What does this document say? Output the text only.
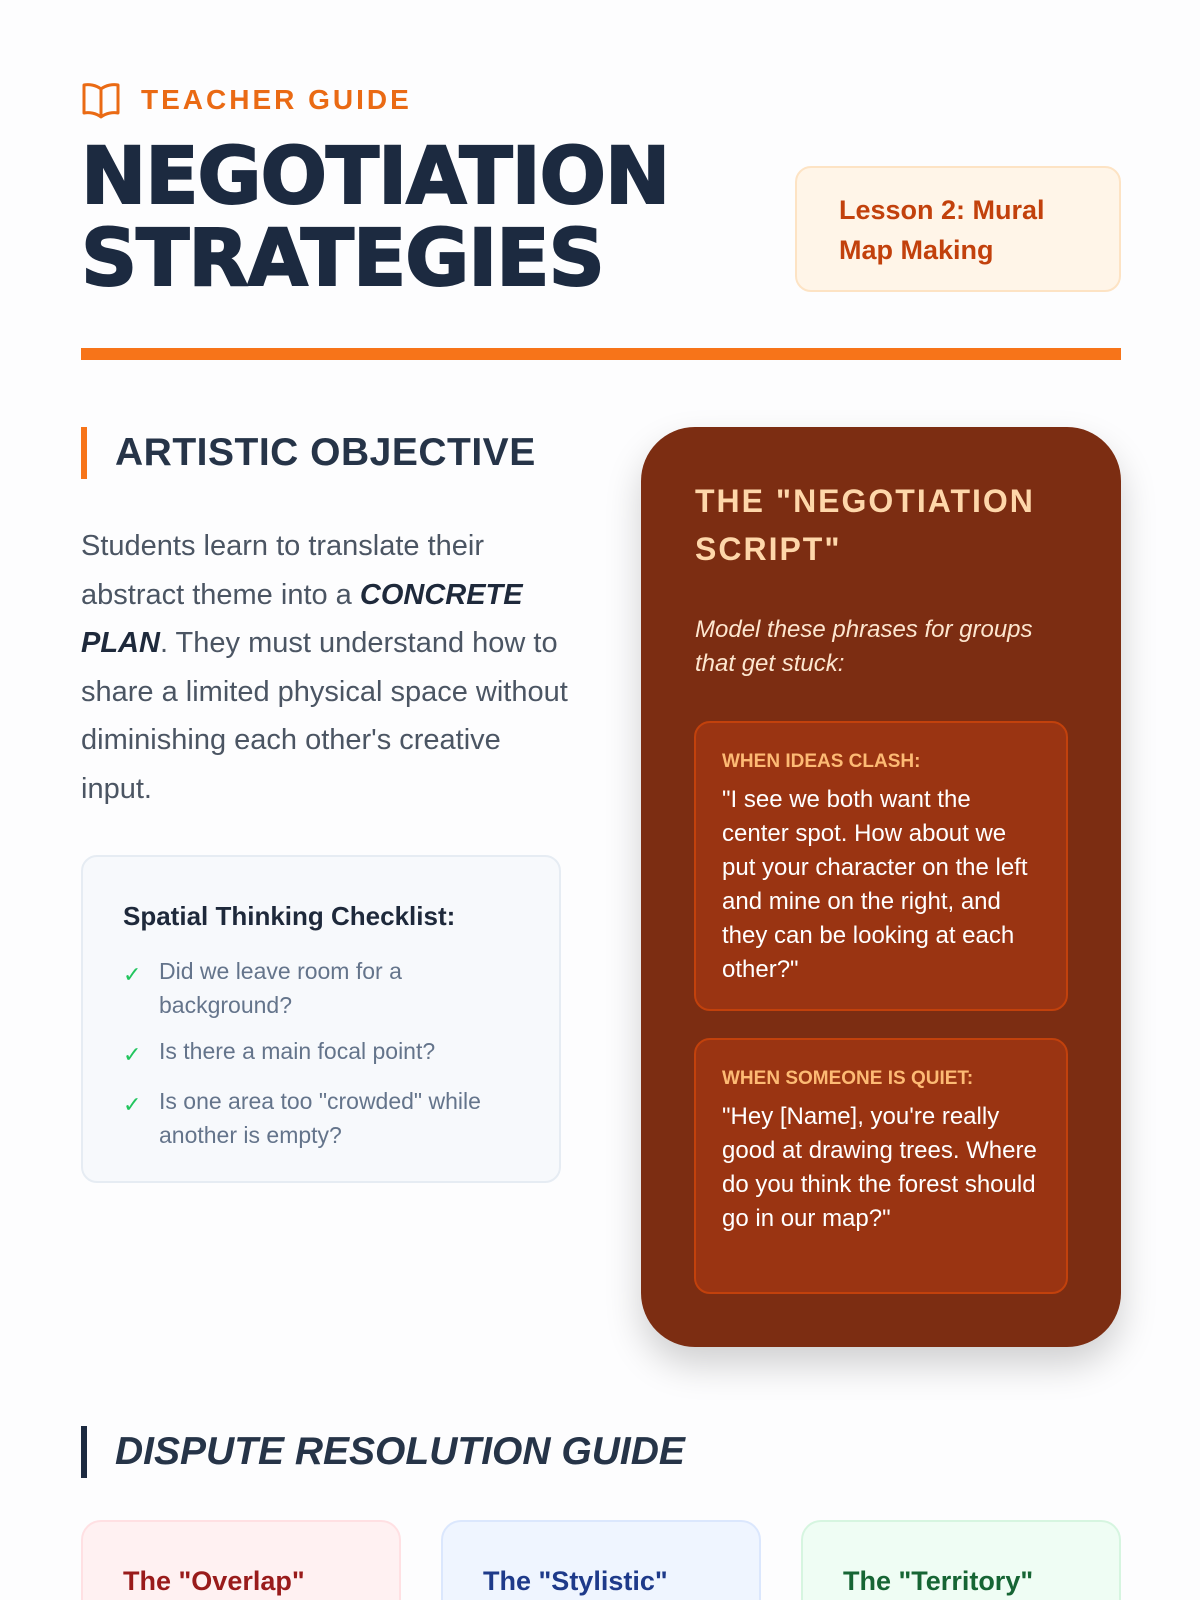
TEACHER GUIDE
NEGOTIATION
STRATEGIES
Lesson 2: Mural Map Making
ARTISTIC OBJECTIVE

Students learn to translate their abstract theme into a CONCRETE PLAN. They must understand how to share a limited physical space without diminishing each other's creative input.

Spatial Thinking Checklist:
✓ Did we leave room for a background?
✓ Is there a main focal point?
✓ Is one area too "crowded" while another is empty?
THE "NEGOTIATION SCRIPT"
Model these phrases for groups that get stuck:
WHEN IDEAS CLASH:
"I see we both want the center spot. How about we put your character on the left and mine on the right, and they can be looking at each other?"
WHEN SOMEONE IS QUIET:
"Hey [Name], you're really good at drawing trees. Where do you think the forest should go in our map?"
DISPUTE RESOLUTION GUIDE
The "Overlap"	The "Stylistic"	The "Territory"
